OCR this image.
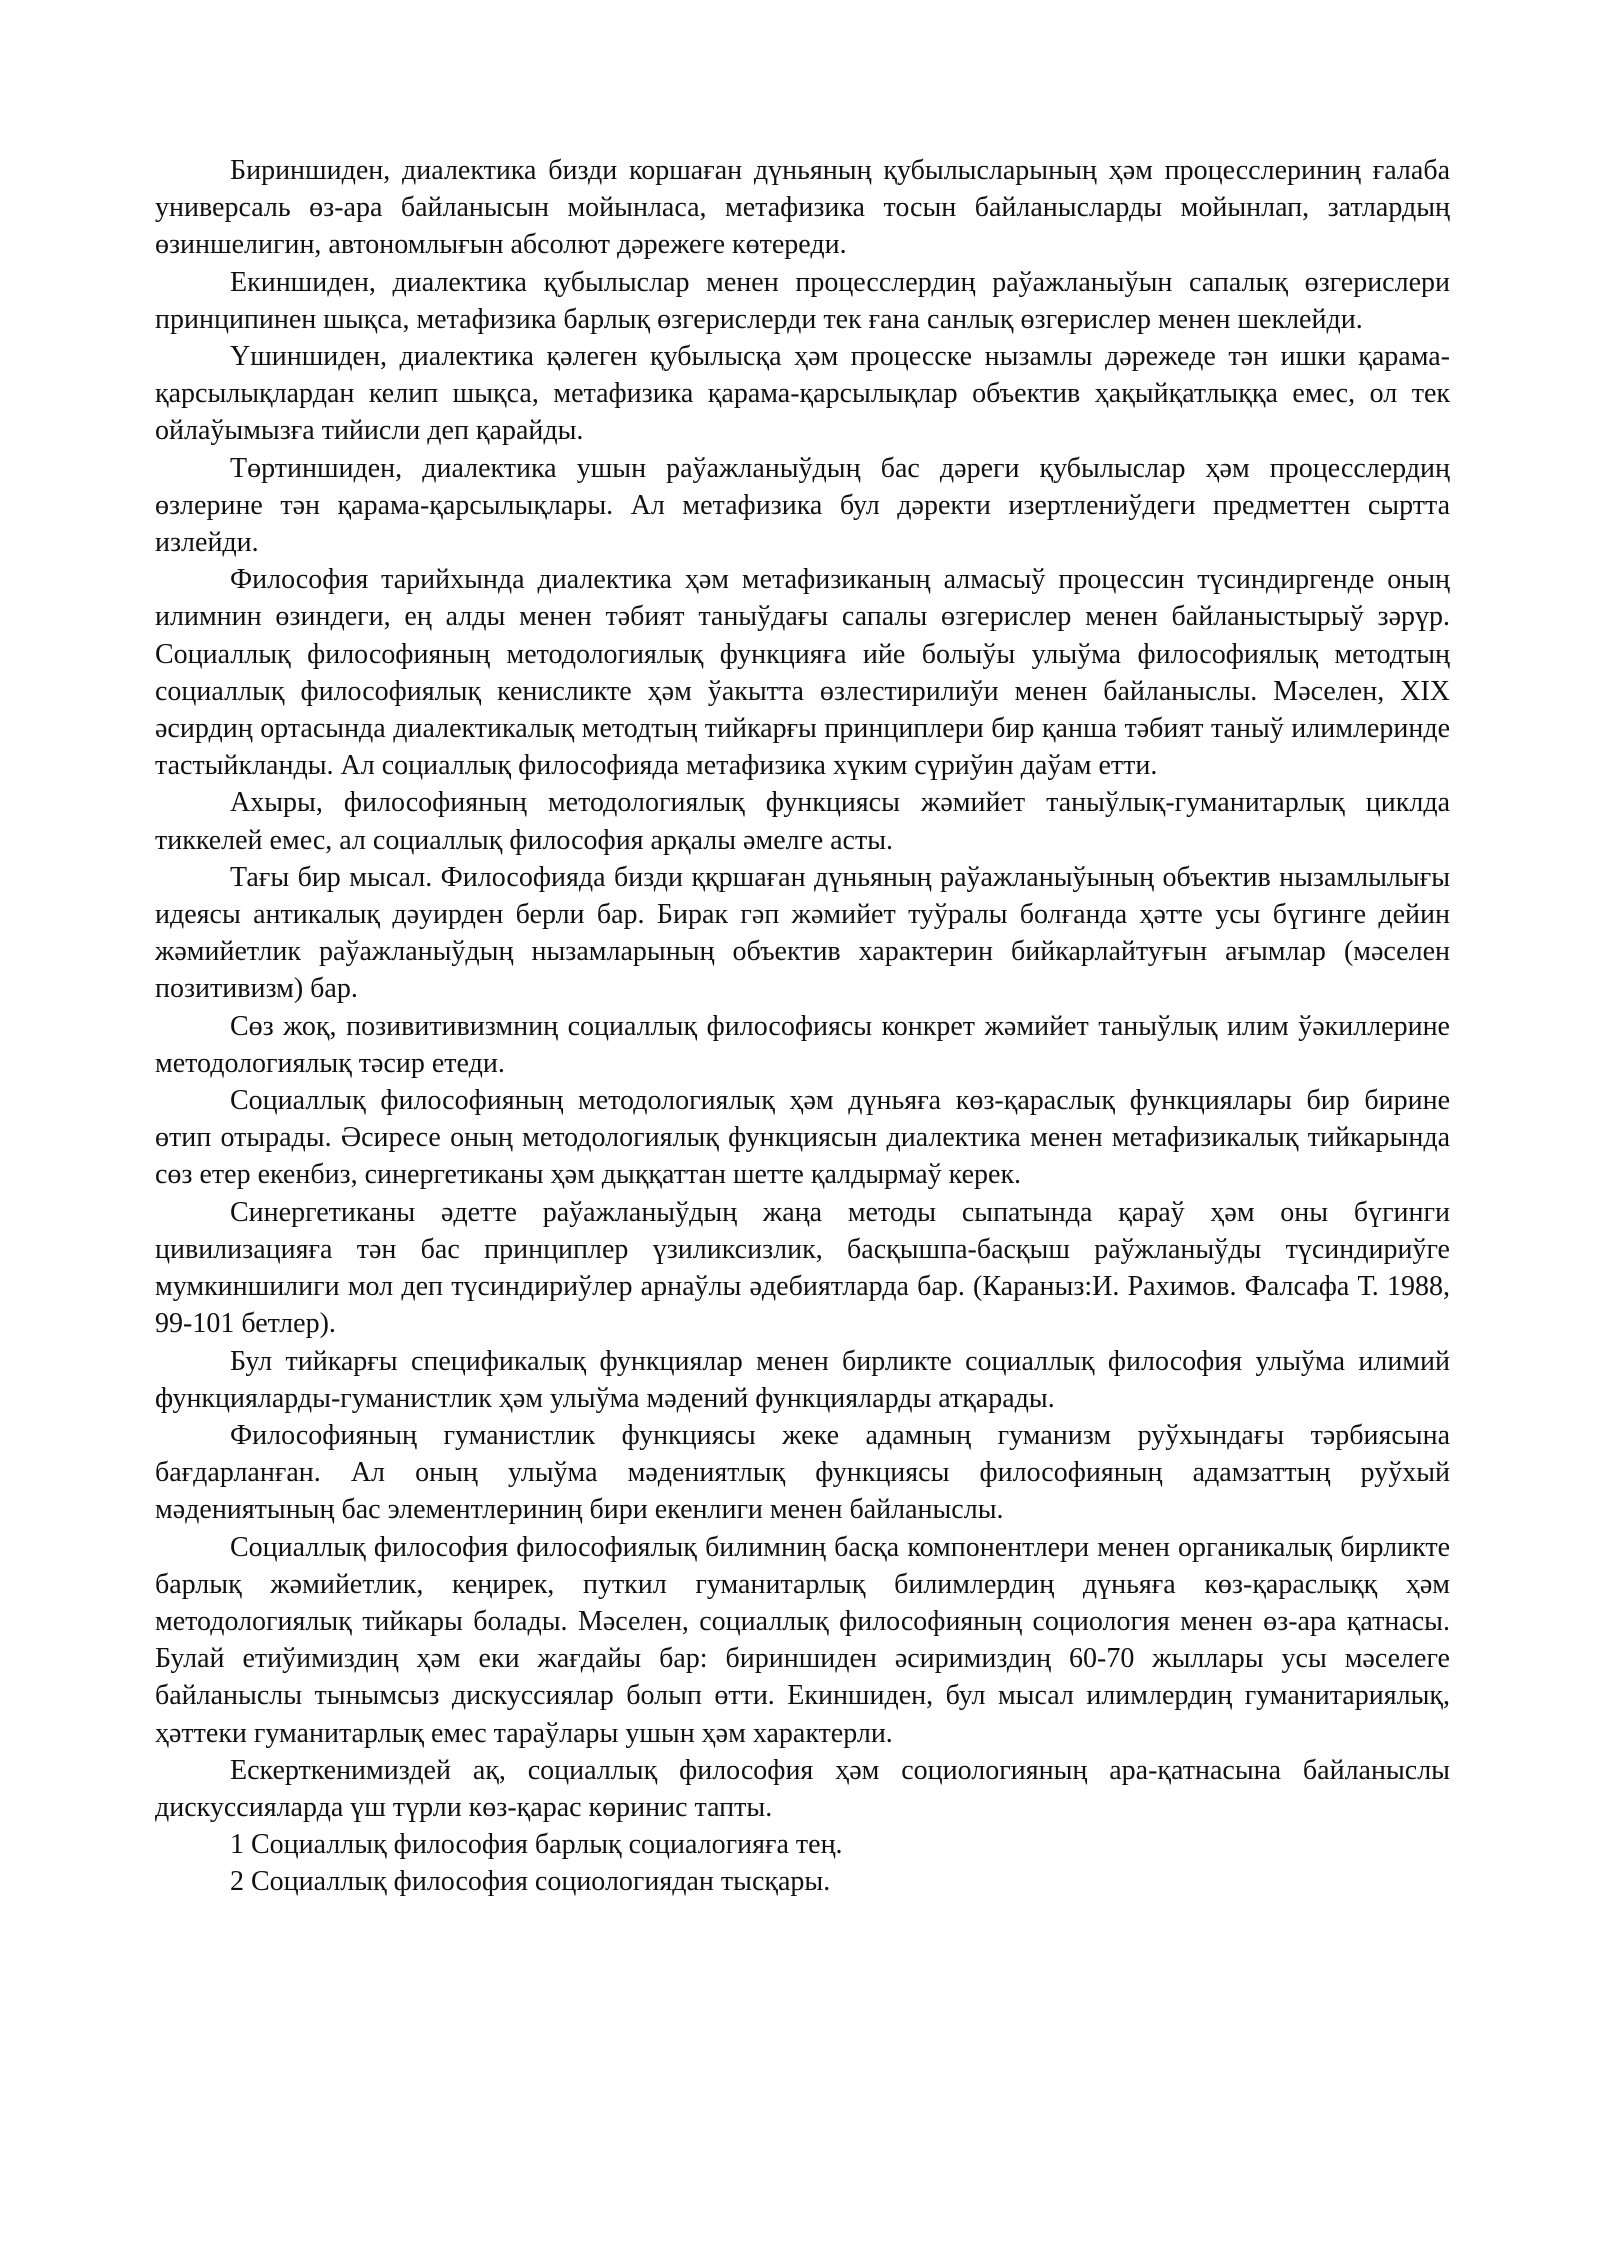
Бириншиден, диалектика бизди коршаған дүньяның қубылысларының ҳәм процесслериниң ғалаба универсаль өз-ара байланысын мойынласа, метафизика тосын байланысларды мойынлап, затлардың өзиншелигин, автономлығын абсолют дәрежеге көтереди.

Екиншиден, диалектика қубылыслар менен процесслердиң раўажланыўын сапалық өзгерислери принципинен шықса, метафизика барлық өзгерислерди тек ғана санлық өзгерислер менен шеклейди.

Үшиншиден, диалектика қәлеген қубылысқа ҳәм процесске нызамлы дәрежеде тән ишки қарама-қарсылықлардан келип шықса, метафизика қарама-қарсылықлар объектив ҳақыйқатлыққа емес, ол тек ойлаўымызға тийисли деп қарайды.

Төртиншиден, диалектика ушын раўажланыўдың бас дәреги қубылыслар ҳәм процесслердиң өзлерине тән қарама-қарсылықлары. Ал метафизика бул дәректи изертлениўдеги предметтен сыртта излейди.

Философия тарийхында диалектика ҳәм метафизиканың алмасыў процессин түсиндиргенде оның илимнин өзиндеги, ең алды менен тәбият таныўдағы сапалы өзгерислер менен байланыстырыў зәрүр. Социаллық философияның методологиялық функцияға ийе болыўы улыўма философиялық методтың социаллық философиялық кенисликте ҳәм ўакытта өзлестирилиўи менен байланыслы. Мәселен, XIX әсирдиң ортасында диалектикалық методтың тийкарғы принциплери бир қанша тәбият таныў илимлеринде тастыйкланды. Ал социаллық философияда метафизика хүким сүриўин даўам етти.

Ахыры, философияның методологиялық функциясы жәмийет таныўлық-гуманитарлық циклда тиккелей емес, ал социаллық философия арқалы әмелге асты.

Тағы бир мысал. Философияда бизди ққршаған дүньяның раўажланыўының объектив нызамлылығы идеясы антикалық дәуирден берли бар. Бирак гәп жәмийет туўралы болғанда ҳәтте усы бүгинге дейин жәмийетлик раўажланыўдың нызамларының объектив характерин бийкарлайтуғын ағымлар (мәселен позитивизм) бар.

Сөз жоқ, позивитивизмниң социаллық философиясы конкрет жәмийет таныўлық илим ўәкиллерине методологиялық тәсир етеди.

Социаллық философияның методологиялық ҳәм дүньяға көз-қараслық функциялары бир бирине өтип отырады. Әсиресе оның методологиялық функциясын диалектика менен метафизикалық тийкарында сөз етер екенбиз, синергетиканы ҳәм дыққаттан шетте қалдырмаў керек.

Синергетиканы әдетте раўажланыўдың жаңа методы сыпатында қараў ҳәм оны бүгинги цивилизацияға тән бас принциплер үзиликсизлик, басқышпа-басқыш раўжланыўды түсиндириўге мумкиншилиги мол деп түсиндириўлер арнаўлы әдебиятларда бар. (Караныз:И. Рахимов. Фалсафа Т. 1988, 99-101 бетлер).

Бул тийкарғы спецификалық функциялар менен бирликте социаллық философия улыўма илимий функцияларды-гуманистлик ҳәм улыўма мәдений функцияларды атқарады.

Философияның гуманистлик функциясы жеке адамның гуманизм руўхындағы тәрбиясына бағдарланған. Ал оның улыўма мәдениятлық функциясы философияның адамзаттың руўхый мәдениятының бас элементлериниң бири екенлиги менен байланыслы.

Социаллық философия философиялық билимниң басқа компонентлери менен органикалық бирликте барлық жәмийетлик, кеңирек, путкил гуманитарлық билимлердиң дүньяға көз-қараслыққ ҳәм методологиялық тийкары болады. Мәселен, социаллық философияның социология менен өз-ара қатнасы. Булай етиўимиздиң ҳәм еки жағдайы бар: бириншиден әсиримиздиң 60-70 жыллары усы мәселеге байланыслы тынымсыз дискуссиялар болып өтти. Екиншиден, бул мысал илимлердиң гуманитариялық, ҳәттеки гуманитарлық емес тараўлары ушын ҳәм характерли.

Ескерткенимиздей ақ, социаллық философия ҳәм социологияның ара-қатнасына байланыслы дискуссияларда үш түрли көз-қарас көринис тапты.

1 Социаллық философия барлық социалогияға тең.

2 Социаллық философия социологиядан тысқары.
